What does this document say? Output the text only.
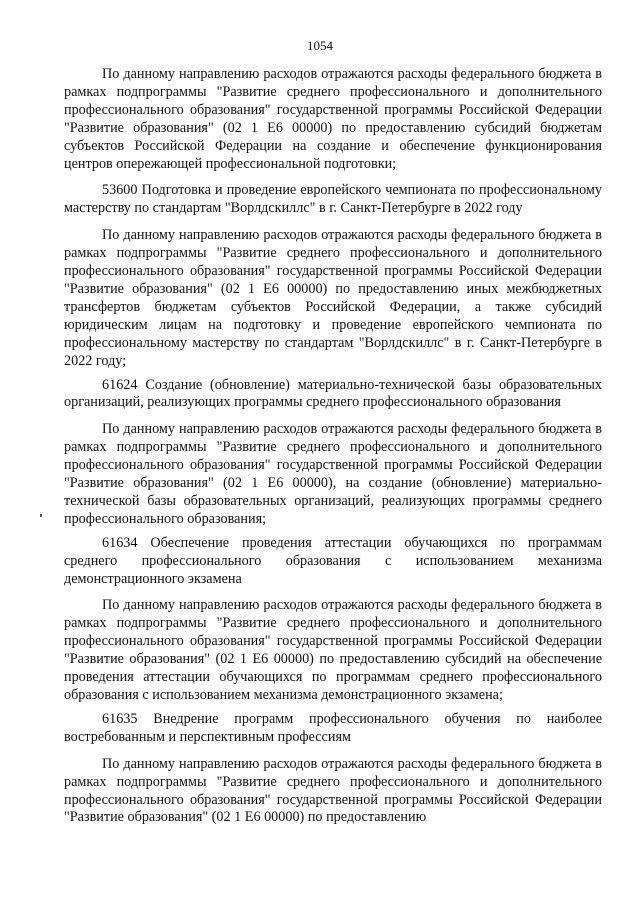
1054

По данному направлению расходов отражаются расходы федерального бюджета в рамках подпрограммы "Развитие среднего профессионального и дополнительного профессионального образования" государственной программы Российской Федерации "Развитие образования" (02 1 E6 00000) по предоставлению субсидий бюджетам субъектов Российской Федерации на создание и обеспечение функционирования центров опережающей профессиональной подготовки;

53600 Подготовка и проведение европейского чемпионата по профессиональному мастерству по стандартам "Ворлдскиллс" в г. Санкт-Петербурге в 2022 году

По данному направлению расходов отражаются расходы федерального бюджета в рамках подпрограммы "Развитие среднего профессионального и дополнительного профессионального образования" государственной программы Российской Федерации "Развитие образования" (02 1 E6 00000) по предоставлению иных межбюджетных трансфертов бюджетам субъектов Российской Федерации, а также субсидий юридическим лицам на подготовку и проведение европейского чемпионата по профессиональному мастерству по стандартам "Ворлдскиллс" в г. Санкт-Петербурге в 2022 году;

61624 Создание (обновление) материально-технической базы образовательных организаций, реализующих программы среднего профессионального образования

По данному направлению расходов отражаются расходы федерального бюджета в рамках подпрограммы "Развитие среднего профессионального и дополнительного профессионального образования" государственной программы Российской Федерации "Развитие образования" (02 1 E6 00000), на создание (обновление) материально-технической базы образовательных организаций, реализующих программы среднего профессионального образования;

61634 Обеспечение проведения аттестации обучающихся по программам среднего профессионального образования с использованием механизма демонстрационного экзамена

По данному направлению расходов отражаются расходы федерального бюджета в рамках подпрограммы "Развитие среднего профессионального и дополнительного профессионального образования" государственной программы Российской Федерации "Развитие образования" (02 1 E6 00000) по предоставлению субсидий на обеспечение проведения аттестации обучающихся по программам среднего профессионального образования с использованием механизма демонстрационного экзамена;

61635 Внедрение программ профессионального обучения по наиболее востребованным и перспективным профессиям

По данному направлению расходов отражаются расходы федерального бюджета в рамках подпрограммы "Развитие среднего профессионального и дополнительного профессионального образования" государственной программы Российской Федерации "Развитие образования" (02 1 E6 00000) по предоставлению
